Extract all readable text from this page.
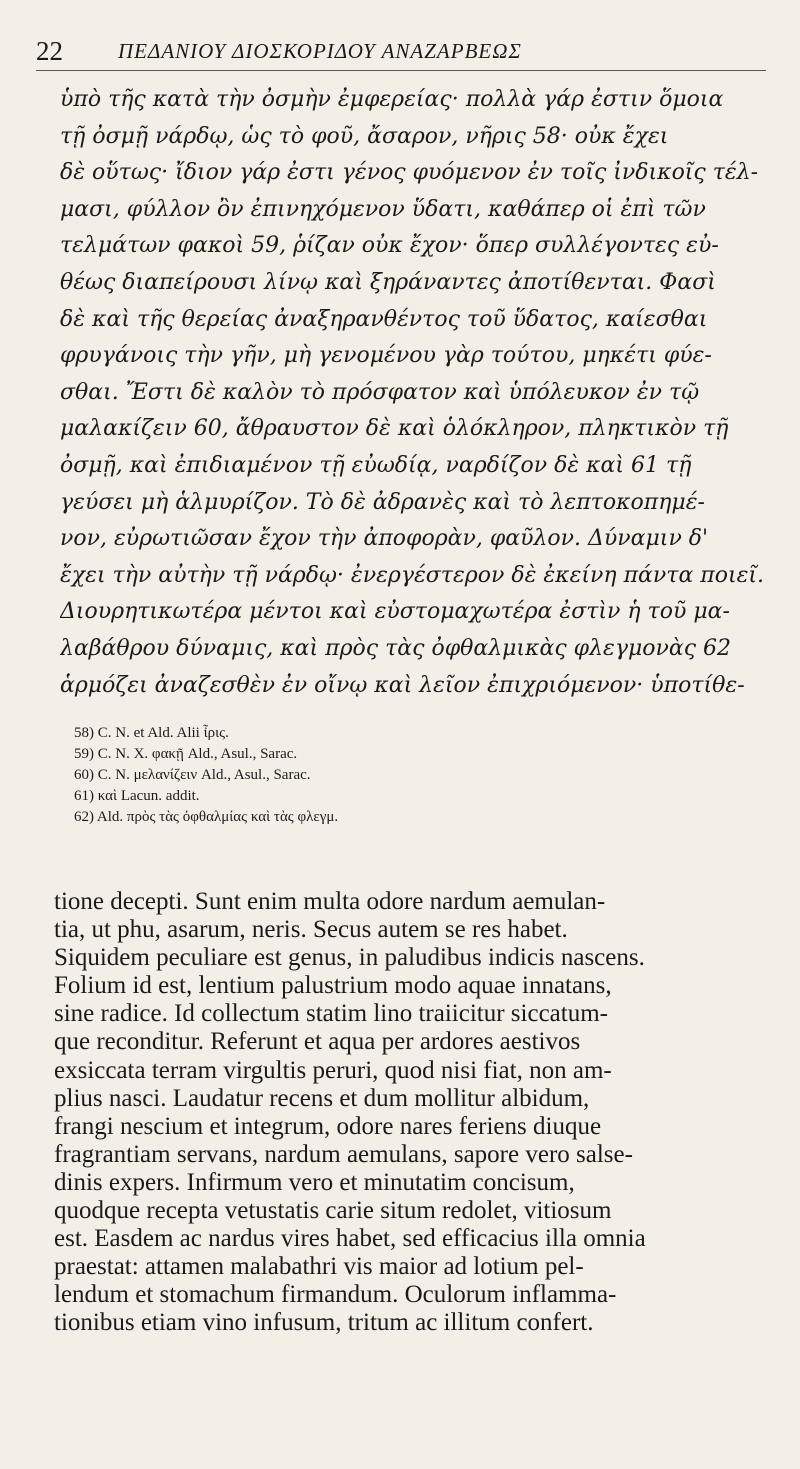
22	ΠΕΔΑΝΙΟΥ ΔΙΟΣΚΟΡΙΔΟΥ ΑΝΑΖΑΡΒΕΩΣ
ὑπὸ τῆς κατὰ τὴν ὀσμὴν ἐμφερείας· πολλὰ γάρ ἐστιν ὅμοια
τῇ ὀσμῇ νάρδῳ, ὡς τὸ φοῦ, ἄσαρον, νῆρις 58· οὐκ ἔχει
δὲ οὕτως· ἴδιον γάρ ἐστι γένος φυόμενον ἐν τοῖς ἰνδικοῖς τέλ-
μασι, φύλλον ὂν ἐπινηχόμενον ὕδατι, καθάπερ οἱ ἐπὶ τῶν
τελμάτων φακοὶ 59, ῥίζαν οὐκ ἔχον· ὅπερ συλλέγοντες εὐ-
θέως διαπείρουσι λίνῳ καὶ ξηράναντες ἀποτίθενται. Φασὶ
δὲ καὶ τῆς θερείας ἀναξηρανθέντος τοῦ ὕδατος, καίεσθαι
φρυγάνοις τὴν γῆν, μὴ γενομένου γὰρ τούτου, μηκέτι φύε-
σθαι. Ἔστι δὲ καλὸν τὸ πρόσφατον καὶ ὑπόλευκον ἐν τῷ
μαλακίζειν 60, ἄθραυστον δὲ καὶ ὁλόκληρον, πληκτικὸν τῇ
ὀσμῇ, καὶ ἐπιδιαμένον τῇ εὐωδίᾳ, ναρδίζον δὲ καὶ 61 τῇ
γεύσει μὴ ἁλμυρίζον. Τὸ δὲ ἀδρανὲς καὶ τὸ λεπτοκοπημέ-
νον, εὐρωτιῶσαν ἔχον τὴν ἀποφορὰν, φαῦλον. Δύναμιν δ'
ἔχει τὴν αὐτὴν τῇ νάρδῳ· ἐνεργέστερον δὲ ἐκείνη πάντα ποιεῖ.
Διουρητικωτέρα μέντοι καὶ εὐστομαχωτέρα ἐστὶν ἡ τοῦ μα-
λαβάθρου δύναμις, καὶ πρὸς τὰς ὀφθαλμικὰς φλεγμονὰς 62
ἁρμόζει ἀναζεσθὲν ἐν οἴνῳ καὶ λεῖον ἐπιχριόμενον· ὑποτίθε-
58) C. N. et Ald. Alii ἶρις.
59) C. N. X. φακῇ Ald., Asul., Sarac.
60) C. N. μελανίζειν Ald., Asul., Sarac.
61) καὶ Lacun. addit.
62) Ald. πρὸς τὰς ὀφθαλμίας καὶ τὰς φλεγμ.
tione decepti. Sunt enim multa odore nardum aemulan-
tia, ut phu, asarum, neris. Secus autem se res habet.
Siquidem peculiare est genus, in paludibus indicis nascens.
Folium id est, lentium palustrium modo aquae innatans,
sine radice. Id collectum statim lino traiicitur siccatum-
que reconditur. Referunt et aqua per ardores aestivos
exsiccata terram virgultis peruri, quod nisi fiat, non am-
plius nasci. Laudatur recens et dum mollitur albidum,
frangi nescium et integrum, odore nares feriens diuque
fragrantiam servans, nardum aemulans, sapore vero salse-
dinis expers. Infirmum vero et minutatim concisum,
quodque recepta vetustatis carie situm redolet, vitiosum
est. Easdem ac nardus vires habet, sed efficacius illa omnia
praestat: attamen malabathri vis maior ad lotium pel-
lendum et stomachum firmandum. Oculorum inflamma-
tionibus etiam vino infusum, tritum ac illitum confert.
